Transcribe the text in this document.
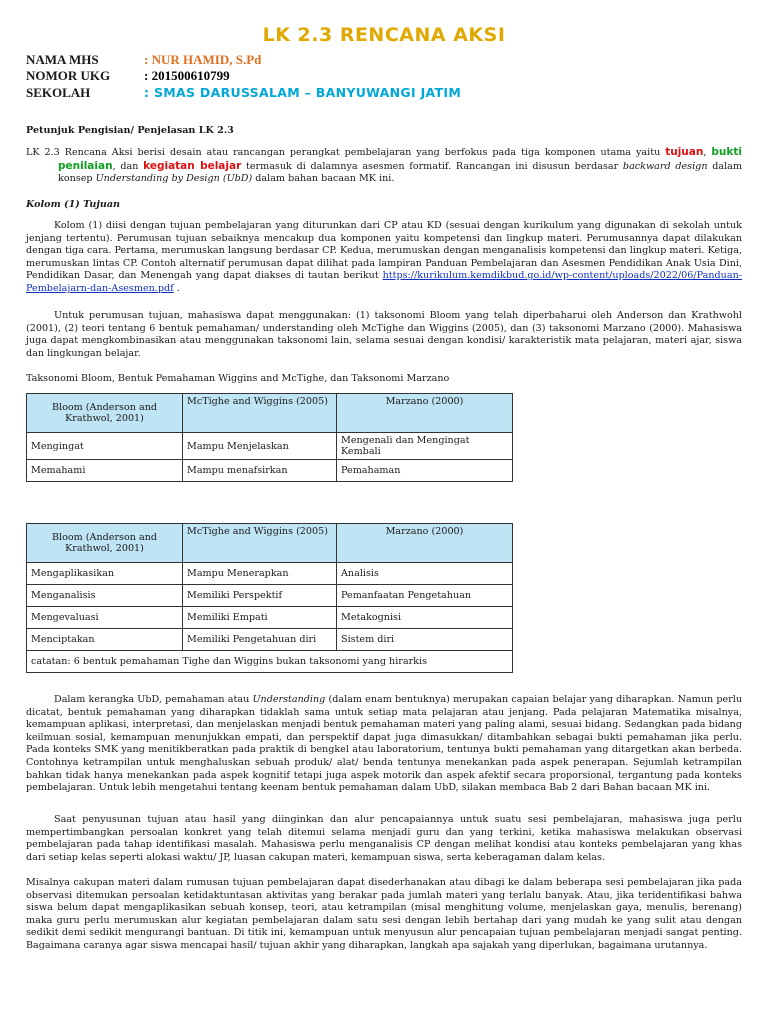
LK 2.3 RENCANA AKSI
NAMA MHS	: NUR HAMID, S.Pd
NOMOR UKG	: 201500610799
SEKOLAH	: SMAS DARUSSALAM – BANYUWANGI JATIM
Petunjuk Pengisian/ Penjelasan LK 2.3
LK 2.3 Rencana Aksi berisi desain atau rancangan perangkat pembelajaran yang berfokus pada tiga komponen utama yaitu tujuan, bukti penilaian, dan kegiatan belajar termasuk di dalamnya asesmen formatif. Rancangan ini disusun berdasar backward design dalam konsep Understanding by Design (UbD) dalam bahan bacaan MK ini.
Kolom (1) Tujuan
Kolom (1) diisi dengan tujuan pembelajaran yang diturunkan dari CP atau KD (sesuai dengan kurikulum yang digunakan di sekolah untuk jenjang tertentu). Perumusan tujuan sebaiknya mencakup dua komponen yaitu kompetensi dan lingkup materi. Perumusannya dapat dilakukan dengan tiga cara. Pertama, merumuskan langsung berdasar CP. Kedua, merumuskan dengan menganalisis kompetensi dan lingkup materi. Ketiga, merumuskan lintas CP. Contoh alternatif perumusan dapat dilihat pada lampiran Panduan Pembelajaran dan Asesmen Pendidikan Anak Usia Dini, Pendidikan Dasar, dan Menengah yang dapat diakses di tautan berikut https://kurikulum.kemdikbud.go.id/wp-content/uploads/2022/06/Panduan-Pembelajarn-dan-Asesmen.pdf .
Untuk perumusan tujuan, mahasiswa dapat menggunakan: (1) taksonomi Bloom yang telah diperbaharui oleh Anderson dan Krathwohl (2001), (2) teori tentang 6 bentuk pemahaman/ understanding oleh McTighe dan Wiggins (2005), dan (3) taksonomi Marzano (2000). Mahasiswa juga dapat mengkombinasikan atau menggunakan taksonomi lain, selama sesuai dengan kondisi/ karakteristik mata pelajaran, materi ajar, siswa dan lingkungan belajar.
Taksonomi Bloom, Bentuk Pemahaman Wiggins and McTighe, dan Taksonomi Marzano
Bloom (Anderson and Krathwol, 2001)	McTighe and Wiggins (2005)	Marzano (2000)
Mengingat	Mampu Menjelaskan	Mengenali dan Mengingat Kembali
Memahami	Mampu menafsirkan	Pemahaman
Bloom (Anderson and Krathwol, 2001)	McTighe and Wiggins (2005)	Marzano (2000)
Mengaplikasikan	Mampu Menerapkan	Analisis
Menganalisis	Memiliki Perspektif	Pemanfaatan Pengetahuan
Mengevaluasi	Memiliki Empati	Metakognisi
Menciptakan	Memiliki Pengetahuan diri	Sistem diri
catatan: 6 bentuk pemahaman Tighe dan Wiggins bukan taksonomi yang hirarkis		
Dalam kerangka UbD, pemahaman atau Understanding (dalam enam bentuknya) merupakan capaian belajar yang diharapkan. Namun perlu dicatat, bentuk pemahaman yang diharapkan tidaklah sama untuk setiap mata pelajaran atau jenjang. Pada pelajaran Matematika misalnya, kemampuan aplikasi, interpretasi, dan menjelaskan menjadi bentuk pemahaman materi yang paling alami, sesuai bidang. Sedangkan pada bidang keilmuan sosial, kemampuan menunjukkan empati, dan perspektif dapat juga dimasukkan/ ditambahkan sebagai bukti pemahaman jika perlu. Pada konteks SMK yang menitikberatkan pada praktik di bengkel atau laboratorium, tentunya bukti pemahaman yang ditargetkan akan berbeda. Contohnya ketrampilan untuk menghaluskan sebuah produk/ alat/ benda tentunya menekankan pada aspek penerapan. Sejumlah ketrampilan bahkan tidak hanya menekankan pada aspek kognitif tetapi juga aspek motorik dan aspek afektif secara proporsional, tergantung pada konteks pembelajaran. Untuk lebih mengetahui tentang keenam bentuk pemahaman dalam UbD, silakan membaca Bab 2 dari Bahan bacaan MK ini.
Saat penyusunan tujuan atau hasil yang diinginkan dan alur pencapaiannya untuk suatu sesi pembelajaran, mahasiswa juga perlu mempertimbangkan persoalan konkret yang telah ditemui selama menjadi guru dan yang terkini, ketika mahasiswa melakukan observasi pembelajaran pada tahap identifikasi masalah. Mahasiswa perlu menganalisis CP dengan melihat kondisi atau konteks pembelajaran yang khas dari setiap kelas seperti alokasi waktu/ JP, luasan cakupan materi, kemampuan siswa, serta keberagaman dalam kelas.
Misalnya cakupan materi dalam rumusan tujuan pembelajaran dapat disederhanakan atau dibagi ke dalam beberapa sesi pembelajaran jika pada observasi ditemukan persoalan ketidaktuntasan aktivitas yang berakar pada jumlah materi yang terlalu banyak. Atau, jika teridentifikasi bahwa siswa belum dapat mengaplikasikan sebuah konsep, teori, atau ketrampilan (misal menghitung volume, menjelaskan gaya, menulis, berenang) maka guru perlu merumuskan alur kegiatan pembelajaran dalam satu sesi dengan lebih bertahap dari yang mudah ke yang sulit atau dengan sedikit demi sedikit mengurangi bantuan. Di titik ini, kemampuan untuk menyusun alur pencapaian tujuan pembelajaran menjadi sangat penting. Bagaimana caranya agar siswa mencapai hasil/ tujuan akhir yang diharapkan, langkah apa sajakah yang diperlukan, bagaimana urutannya.
